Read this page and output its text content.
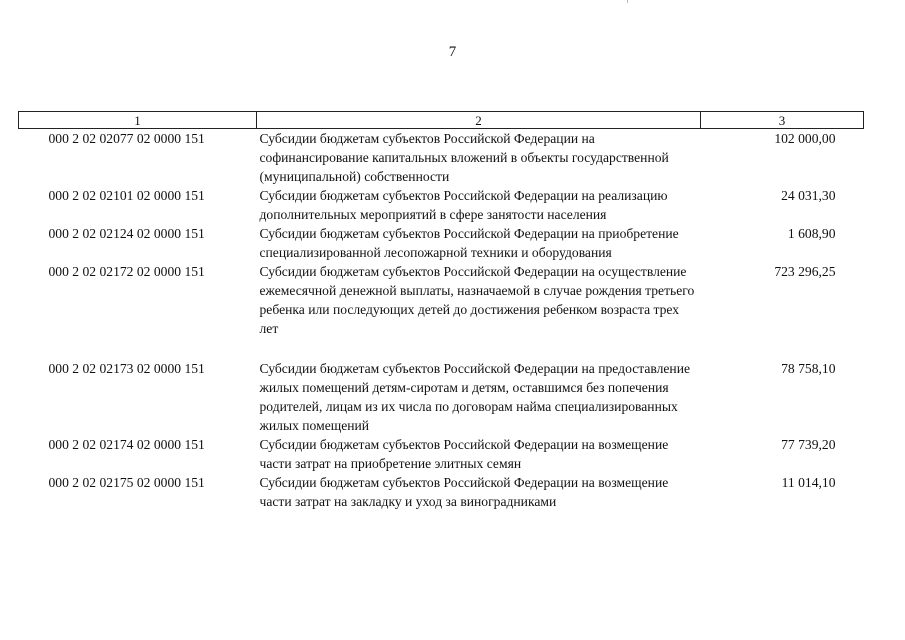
7
1	2	3
000 2 02 02077 02 0000 151	Субсидии бюджетам субъектов Российской Федерации на софинансирование капитальных вложений в объекты государственной (муниципальной) собственности	102 000,00
000 2 02 02101 02 0000 151	Субсидии бюджетам субъектов Российской Федерации на реализацию дополнительных мероприятий в сфере занятости населения	24 031,30
000 2 02 02124 02 0000 151	Субсидии бюджетам субъектов Российской Федерации на приобретение специализированной лесопожарной техники и оборудования	1 608,90
000 2 02 02172 02 0000 151	Субсидии бюджетам субъектов Российской Федерации на осуществление ежемесячной денежной выплаты, назначаемой в случае рождения третьего ребенка или последующих детей до достижения ребенком возраста трех лет	723 296,25
000 2 02 02173 02 0000 151	Субсидии бюджетам субъектов Российской Федерации на предоставление жилых помещений детям-сиротам и детям, оставшимся без попечения родителей, лицам из их числа по договорам найма специализированных жилых помещений	78 758,10
000 2 02 02174 02 0000 151	Субсидии бюджетам субъектов Российской Федерации на возмещение части затрат на приобретение элитных семян	77 739,20
000 2 02 02175 02 0000 151	Субсидии бюджетам субъектов Российской Федерации на возмещение части затрат на закладку и уход за виноградниками	11 014,10
